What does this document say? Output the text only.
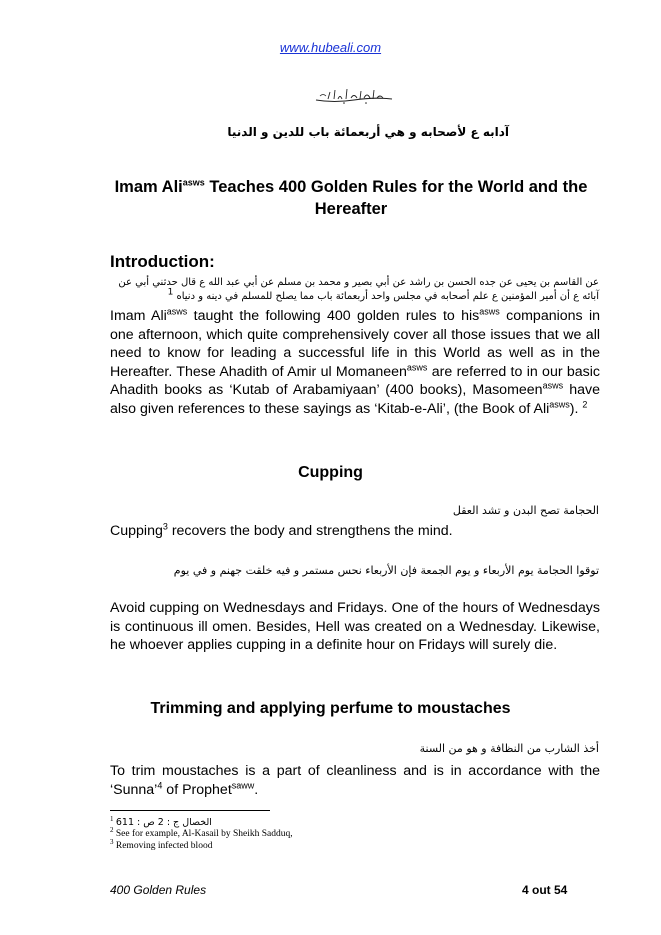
www.hubeali.com
آدابه ع لأصحابه و هي أربعمائة باب للدين و الدنيا
Imam Ali$^{asws}$ Teaches 400 Golden Rules for the World and the Hereafter
Introduction:
عن القاسم بن يحيى عن جده الحسن بن راشد عن أبي بصير و محمد بن مسلم عن أبي عبد الله ع قال حدثني أبي عن
آبائه ع أن أمير المؤمنين ع علم أصحابه في مجلس واحد أربعمائة باب مما يصلح للمسلم في دينه و دنياه $^1$

Imam Ali$^{asws}$ taught the following 400 golden rules to his$^{asws}$ companions in one afternoon, which quite comprehensively cover all those issues that we all need to know for leading a successful life in this World as well as in the Hereafter. These Ahadith of Amir ul Momaneen$^{asws}$ are referred to in our basic Ahadith books as ‘Kutab of Arabamiyaan’ (400 books), Masomeen$^{asws}$ have also given references to these sayings as ‘Kitab-e-Ali’, (the Book of Ali$^{asws}$). $^2$

Cupping
الحجامة تصح البدن و تشد العقل
Cupping$^3$ recovers the body and strengthens the mind.
توقوا الحجامة يوم الأربعاء و يوم الجمعة فإن الأربعاء نحس مستمر و فيه خلقت جهنم و في يوم

Avoid cupping on Wednesdays and Fridays. One of the hours of Wednesdays is continuous ill omen. Besides, Hell was created on a Wednesday. Likewise, he whoever applies cupping in a definite hour on Fridays will surely die.

Trimming and applying perfume to moustaches
أخذ الشارب من النظافة و هو من السنة

To trim moustaches is a part of cleanliness and is in accordance with the ‘Sunna’$^4$ of Prophet$^{saww}$.

$^1$ الخصال ج : 2 ص : 611
$^2$ See for example, Al-Kasail by Sheikh Sadduq,
$^3$ Removing infected blood
400 Golden Rules	4 out 54
